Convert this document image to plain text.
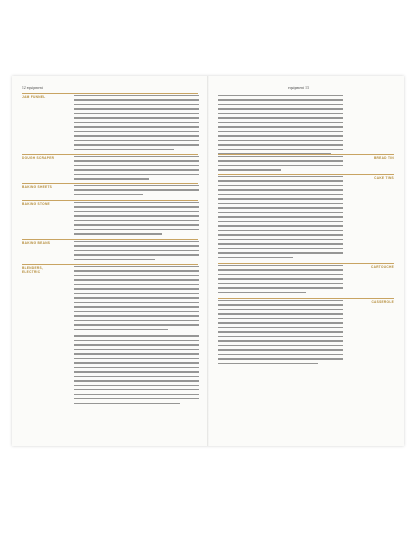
12 equipment
JAM FUNNEL
DOUGH SCRAPER
BAKING SHEETS
BAKING STONE
BAKING BEANS
BLENDERS, ELECTRIC
equipment 13
BREAD TIN
CAKE TINS
CARTOUCHE
CASSEROLE
